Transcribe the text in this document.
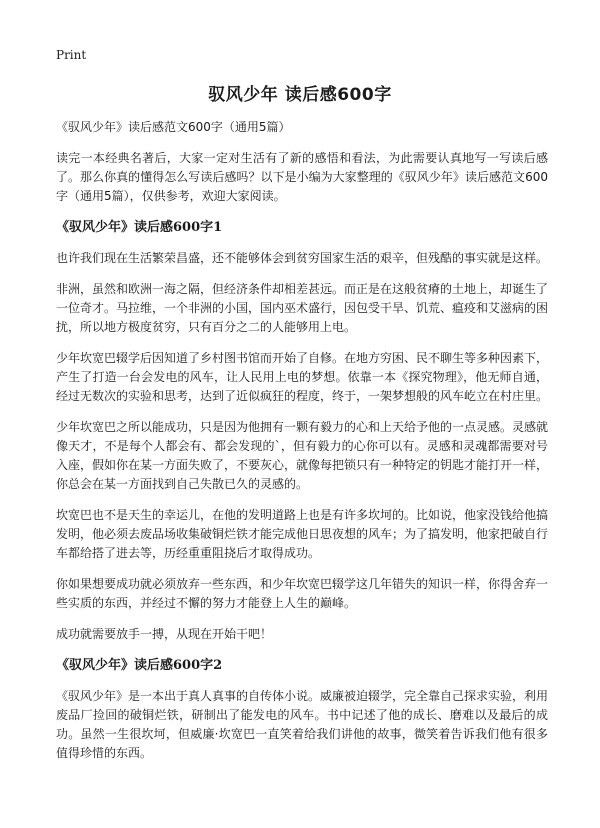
Print
驭风少年 读后感600字

《驭风少年》读后感范文600字（通用5篇）

读完一本经典名著后，大家一定对生活有了新的感悟和看法，为此需要认真地写一写读后感了。那么你真的懂得怎么写读后感吗？以下是小编为大家整理的《驭风少年》读后感范文600字（通用5篇），仅供参考，欢迎大家阅读。

《驭风少年》读后感600字1

也许我们现在生活繁荣昌盛，还不能够体会到贫穷国家生活的艰辛，但残酷的事实就是这样。

非洲，虽然和欧洲一海之隔，但经济条件却相差甚远。而正是在这般贫瘠的土地上，却诞生了一位奇才。马拉维，一个非洲的小国，国内巫术盛行，因包受干旱、饥荒、瘟疫和艾滋病的困扰，所以地方极度贫穷，只有百分之二的人能够用上电。

少年坎宽巴辍学后因知道了乡村图书馆而开始了自修。在地方穷困、民不聊生等多种因素下，产生了打造一台会发电的风车，让人民用上电的梦想。依靠一本《探究物理》，他无师自通，经过无数次的实验和思考，达到了近似疯狂的程度，终于，一架梦想般的风车屹立在村庄里。

少年坎宽巴之所以能成功，只是因为他拥有一颗有毅力的心和上天给予他的一点灵感。灵感就像天才，不是每个人都会有、都会发现的`，但有毅力的心你可以有。灵感和灵魂都需要对号入座，假如你在某一方面失败了，不要灰心，就像每把锁只有一种特定的钥匙才能打开一样，你总会在某一方面找到自己失散已久的灵感的。

坎宽巴也不是天生的幸运儿，在他的发明道路上也是有许多坎坷的。比如说，他家没钱给他搞发明，他必须去废品场收集破铜烂铁才能完成他日思夜想的风车；为了搞发明，他家把破自行车都给搭了进去等，历经重重阻挠后才取得成功。

你如果想要成功就必须放弃一些东西，和少年坎宽巴辍学这几年错失的知识一样，你得舍弃一些实质的东西，并经过不懈的努力才能登上人生的巅峰。

成功就需要放手一搏，从现在开始干吧！

《驭风少年》读后感600字2

《驭风少年》是一本出于真人真事的自传体小说。威廉被迫辍学，完全靠自己探求实验，利用废品厂捡回的破铜烂铁，研制出了能发电的风车。书中记述了他的成长、磨难以及最后的成功。虽然一生很坎坷，但威廉·坎宽巴一直笑着给我们讲他的故事，微笑着告诉我们他有很多值得珍惜的东西。
